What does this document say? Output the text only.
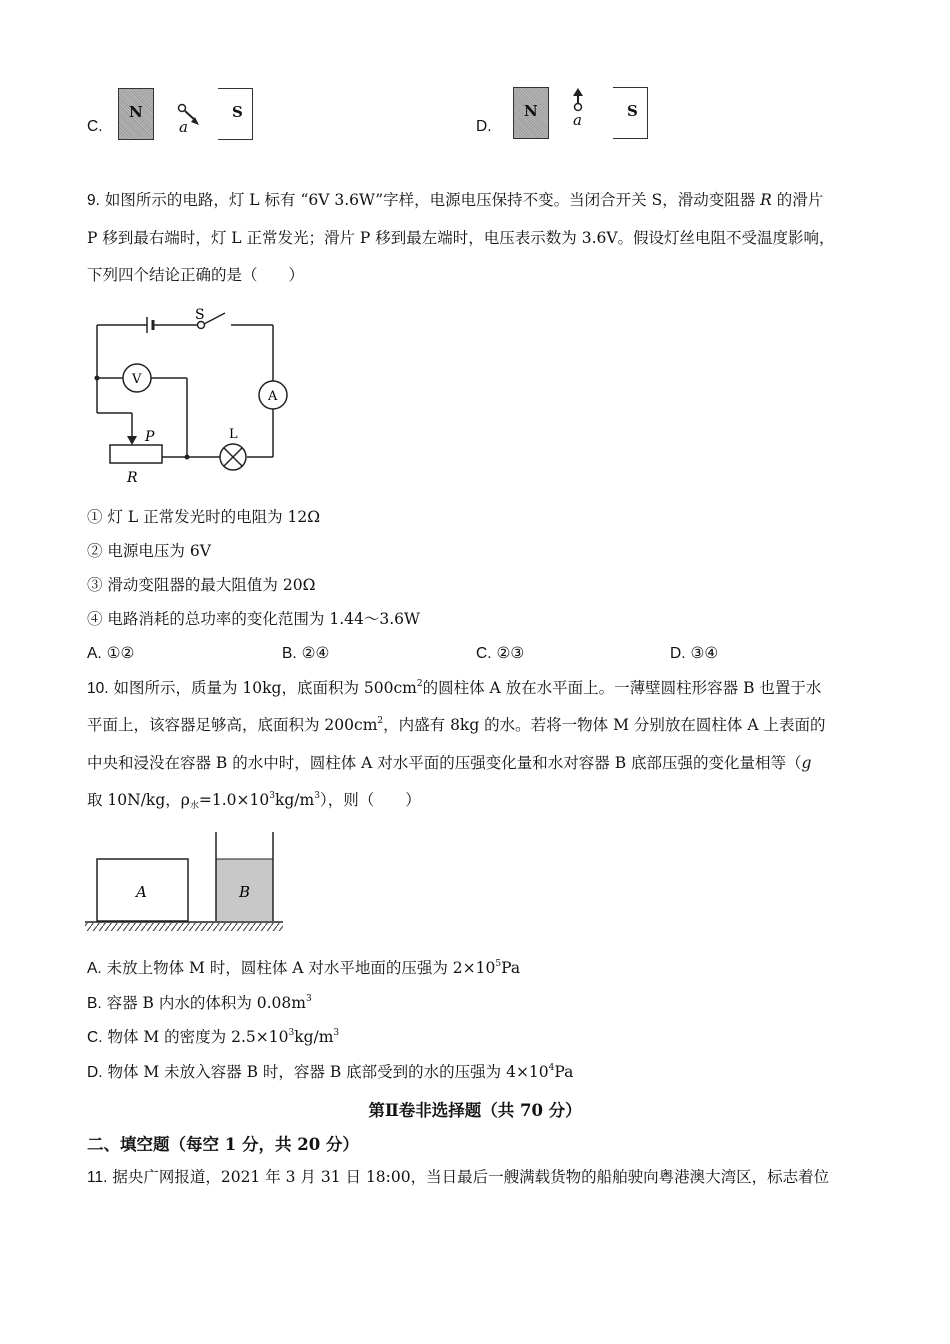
C.
N
a
S
D.
N a	S
9. 如图所示的电路，灯 L 标有 “6V 3.6W”字样，电源电压保持不变。当闭合开关 S，滑动变阻器 R 的滑片
P 移到最右端时，灯 L 正常发光；滑片 P 移到最左端时，电压表示数为 3.6V。假设灯丝电阻不受温度影响，
下列四个结论正确的是（　　）
S
V
A
L
P
R
① 灯 L 正常发光时的电阻为 12Ω
② 电源电压为 6V
③ 滑动变阻器的最大阻值为 20Ω
④ 电路消耗的总功率的变化范围为 1.44～3.6W
A. ①②	B. ②④	C. ②③	D. ③④
10. 如图所示，质量为 10kg，底面积为 $500cm^2$的圆柱体 A 放在水平面上。一薄壁圆柱形容器 B 也置于水
平面上，该容器足够高，底面积为 $200cm^2$，内盛有 8kg 的水。若将一物体 M 分别放在圆柱体 A 上表面的
中央和浸没在容器 B 的水中时，圆柱体 A 对水平面的压强变化量和水对容器 B 底部压强的变化量相等（g
取 10N/kg，$\rho_水=1.0\times 10^3kg/m^3$），则（　　）
A	B
A. 未放上物体 M 时，圆柱体 A 对水平地面的压强为 $2\times 10^5Pa$
B. 容器 B 内水的体积为 $0.08m^3$
C. 物体 M 的密度为 $2.5\times 10^3kg/m^3$
D. 物体 M 未放入容器 B 时，容器 B 底部受到的水的压强为 $4\times 10^4Pa$
第Ⅱ卷非选择题（共 70 分）
二、填空题（每空 1 分，共 20 分）
11. 据央广网报道，2021 年 3 月 31 日 18:00，当日最后一艘满载货物的船舶驶向粤港澳大湾区，标志着位
